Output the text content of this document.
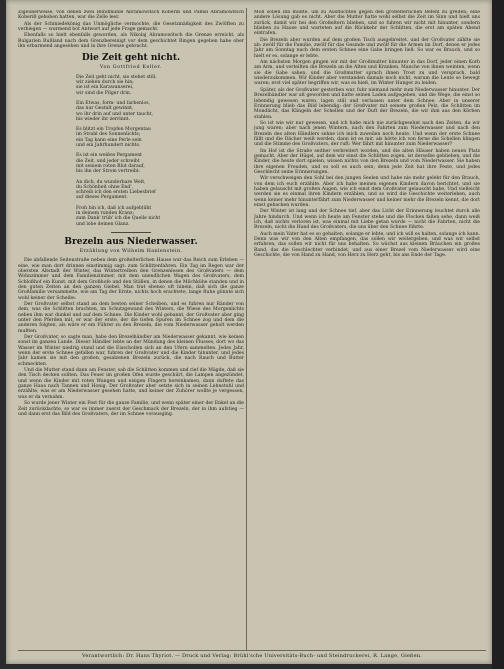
Zigeunerweise, von denen zwei Blindmühle Abramowitsch Koberiß und Pamel Abramowitsch Koberiß gehoben hatten, war die Zelle leer.

Als der Schmiedekönig das Unmögliche vermochte, die Gesetzmäßigkeit des Zwölften zu verbiegen — wurmend bot Antwort auf jede Frage gemacht.

Ebenfalls so hielt ebenfalls geworden, als Nikolaj Abramowitsch die Grenze erreicht, als Bulgarien Rußland nach dem Grenzbereinigt vor dem geschichtet Ringen gegeben habe ober ihn erbarmend angesehen und in ihre Grenze gebracht.

Die Zeit geht nicht.
Von Gottfried Keller.
Die Zeit geht nicht, sie stehet still,
wir ziehen durch sie hin;
sie ist ein Karawanserei,
wir sind die Pilger drin.
Ein Etwas, form- und farbenlos,
das nur Gestalt gewinnt,
wo ihr drin auf und unter taucht,
bis wieder ihr zerrinnt.
Es blitzt ein Tropfen Morgentau
im Strahl des Sonnenlichts;
ein Tag kann eine Perle sein
und ein Jahrhundert nichts.
Es ist ein weißes Pergament
die Zeit, und jeder schreibt
mit seinem roten Blut darauf,
bis ihn der Strom vertreibt.
An dich, du wunderbare Welt,
du Schönheit ohne End',
schreib ich den ersten Liebesbrief
auf dieses Pergament.
Froh bin ich, daß ich aufgeblüht
in deinem runden Kranz;
zum Dank' trüb' ich die Quelle nicht
und lobe deinen Glanz.
Brezeln aus Niederwasser.
Erzählung von Wilhelm Hanlenstein.

Die abfallende Seitenstraße neben dem großelterlichen Hause war das Reich zum Erleben — eine, wie man dort drinnen einstimmig sagt: zum Schlittenfahren. Ein Tag im Regen war der obersten Altstadt der Winter, das Wintertreiben den Grenzenlosen des Großvaters — dem Wohnzimmer und dem Familienzimmer, mit dem unendlichen Wagen des Großvaters, dem Schloßhof ein Kunst, mit dem Großhofe und den Ställen, in denen die Milchkühe standen und in den guten Zeiten an den ganzen Giebel. Man trat ebenso oft hinein, daß sich die ganze Großfamilie versammelte, wie am Tag der Ernte, nichts hoch erachtete, lange Ruhe gönnte sich wohl keiner der Scheibe.

Der Großvater selbst stand an dem besten seiner Scheiben, und es fuhren nur Ränder von dem, was die Schlitten brachten, im Schutzgewand des Winters, die Wiese des Morgenlichts neben ihm war dunkel und auf dem Schnee. Die Kinder wohl gebannt, der Großvater aber ging unter den Pferden mit, er war der erste, der die tiefen Spuren im Schnee zog und dem die anderen folgten, als wäre er ein Führer zu den Brezeln, die vom Niederwasser geholt werden mußten.

Der Großvater, so sagte man, habe den Brezelhändler am Niederwasser gekannt, wie keinen sonst im ganzen Lande. Dieser Händler lebte an der Mündung des kleinen Flusses, dort wo das Wasser im Winter niedrig stand und die Eisschollen sich an den Ufern sammelten. Jedes Jahr, wenn der erste Schnee gefallen war, fuhren der Großvater und die Kinder hinunter, und jedes Jahr kamen sie mit den großen, gesalzenen Brezeln zurück, die nach Rauch und Butter schmeckten.

Und die Mutter stand dann am Fenster, sah die Schlitten kommen und rief die Mägde, daß sie den Tisch decken sollten. Das Feuer im großen Ofen wurde geschürt, die Lampen angezündet, und wenn die Kinder mit roten Wangen und eisigen Fingern hereinkamen, dann duftete das ganze Haus nach Tannen und Honig. Der Großvater aber setzte sich in seinen Lehnstuhl und erzählte, was er am Niederwasser gesehen hatte, und keiner der Zuhörer wollte je vergessen, was er da vernahm.

So wurde jener Winter ein Fest für die ganze Familie, und wenn später einer der Enkel an die Zeit zurückdachte, so war es immer zuerst der Geschmack der Brezeln, der in ihm aufstieg — und dann erst das Bild des Großvaters, der im Schnee vorausging.

Moll sollen ihn mußte, um zu Ausflüchten gegen den großelterlichen Befehl zu greifen; eine andere Lösung gab es nicht. Aber die Mutter hatte wohl selbst die Zeit im Sinn und hielt uns zurück, damit wir bei den Großeltern blieben, und so fuhren wir nicht mit hinunter, sondern blieben zu Hause und warteten auf die Rückkehr der Schlitten, die erst am späten Abend eintrafen.

Die Brezeln aber wurden auf dem großen Tisch ausgebreitet, und der Großvater zählte sie ab: zwölf für die Familie, zwölf für das Gesinde und zwölf für die Armen im Dorf, denen er jedes Jahr am Sonntag nach dem ersten Schnee eine Gabe bringen ließ. So war es Brauch, und so hielt er es, solange er lebte.

Am nächsten Morgen gingen wir mit der Großmutter hinunter in das Dorf, jeder einen Korb am Arm, und verteilten die Brezeln an die Alten und Kranken. Manche von ihnen weinten, wenn sie die Gabe sahen, und die Großmutter sprach ihnen Trost zu und versprach, bald wiederzukommen. Wir Kinder aber verstanden damals noch nicht, warum die Leute so bewegt waren; erst viel später begriffen wir, was es hieß, im Winter Hunger zu leiden.

Später, als der Großvater gestorben war, fuhr niemand mehr zum Niederwasser hinunter. Der Brezelhändler war alt geworden und hatte seinen Laden aufgegeben, und die Wege, die einst so lebendig gewesen waren, lagen still und verlassen unter dem Schnee. Aber in unserer Erinnerung blieb das Bild lebendig: der Großvater mit seinem großen Pelz, die Schlitten im Mondlicht, das Klingeln der Schellen und der Duft der Brezeln, die wir ihm aus den Körben stahlen.

So ist wie wir nur gewesen, und ich habe mich nie zurückgesehnt nach den Zeiten, da wir jung waren; aber nach jenen Wintern, nach den Fahrten zum Niederwasser und nach den Brezeln des alten Händlers sehne ich mich zuweilen noch heute. Und wenn der erste Schnee fällt und die Dächer weiß werden, dann ist es mir, als hörte ich von ferne die Schellen klingen und die Stimme des Großvaters, der ruft: Wer fährt mit hinunter zum Niederwasser?

Im Hof ist die Straße seither verbreitert worden, und die alten Häuser haben neuen Platz gemacht. Aber der Hügel, auf dem wir einst die Schlitten zogen, ist derselbe geblieben, und die Kinder, die heute dort spielen, wissen nichts von den Brezeln und vom Niederwasser. Sie haben ihre eigenen Freuden, und so soll es auch sein; denn jede Zeit hat ihre Feste, und jedes Geschlecht seine Erinnerungen.

Wir verschweigen den Sohl bei den jungen Seelen und habe nie mehr gelebt für den Brauch, von dem ich euch erzählte. Aber ich habe meinen eigenen Kindern davon berichtet, und sie haben gelauscht mit großen Augen, wie ich einst dem Großvater gelauscht habe. Und vielleicht werden sie es einmal ihren Kindern erzählen, und so wird die Geschichte weiterleben, auch wenn keiner mehr hinunterfährt zum Niederwasser und keiner mehr die Brezeln kennt, die dort einst gebacken wurden.

Der Winter ist lang und der Schnee tief, aber das Licht der Erinnerung leuchtet durch alle Jahre hindurch. Und wenn ich heute am Fenster stehe und die Flocken fallen sehe, dann weiß ich, daß nichts verloren ist, was einmal mit Liebe getan wurde — nicht die Fahrten, nicht die Brezeln, nicht die Hand des Großvaters, die uns über den Schnee führte.

Auch mein Vater hat es so gehalten, solange er lebte, und ich will es halten, solange ich kann. Denn was wir von den Alten empfangen, das sollen wir weitergeben, und was wir selbst erfahren, das sollen wir nicht für uns behalten. So wächst aus kleinen Bräuchen ein großes Band, das die Geschlechter verbindet, und aus einer Brezel vom Niederwasser wird eine Geschichte, die von Hand zu Hand, von Herz zu Herz geht, bis ans Ende der Tage.

Verantwortlich: Dr. Hans Thyriot. — Druck und Verlag: Brühl'sche Universitäts-Buch- und Steindruckerei, R. Lange, Gießen.
